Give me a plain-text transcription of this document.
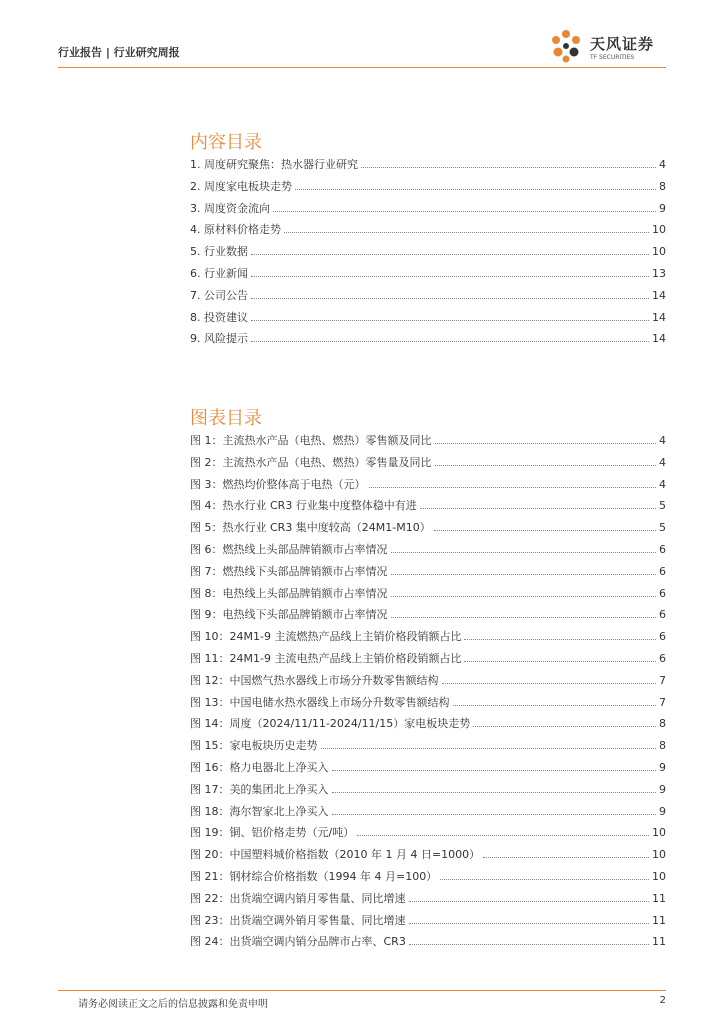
行业报告 | 行业研究周报	天风证券
TF SECURITIES
内容目录
1. 周度研究聚焦：热水器行业研究	4
2. 周度家电板块走势	8
3. 周度资金流向	9
4. 原材料价格走势	10
5. 行业数据	10
6. 行业新闻	13
7. 公司公告	14
8. 投资建议	14
9. 风险提示	14
图表目录
图 1：主流热水产品（电热、燃热）零售额及同比	4
图 2：主流热水产品（电热、燃热）零售量及同比	4
图 3：燃热均价整体高于电热（元）	4
图 4：热水行业 CR3 行业集中度整体稳中有进	5
图 5：热水行业 CR3 集中度较高（24M1-M10）	5
图 6：燃热线上头部品牌销额市占率情况	6
图 7：燃热线下头部品牌销额市占率情况	6
图 8：电热线上头部品牌销额市占率情况	6
图 9：电热线下头部品牌销额市占率情况	6
图 10：24M1-9 主流燃热产品线上主销价格段销额占比	6
图 11：24M1-9 主流电热产品线上主销价格段销额占比	6
图 12：中国燃气热水器线上市场分升数零售额结构	7
图 13：中国电储水热水器线上市场分升数零售额结构	7
图 14：周度（2024/11/11-2024/11/15）家电板块走势	8
图 15：家电板块历史走势	8
图 16：格力电器北上净买入	9
图 17：美的集团北上净买入	9
图 18：海尔智家北上净买入	9
图 19：铜、铝价格走势（元/吨）	10
图 20：中国塑料城价格指数（2010 年 1 月 4 日=1000）	10
图 21：钢材综合价格指数（1994 年 4 月=100）	10
图 22：出货端空调内销月零售量、同比增速	11
图 23：出货端空调外销月零售量、同比增速	11
图 24：出货端空调内销分品牌市占率、CR3	11
请务必阅读正文之后的信息披露和免责申明	2
